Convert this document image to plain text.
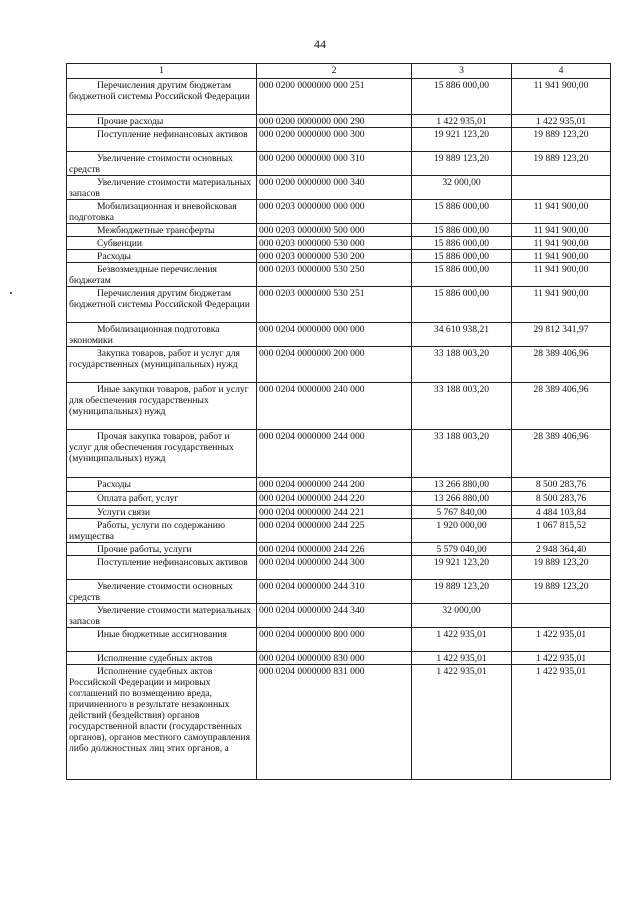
44
1	2	3	4
Перечисления другим бюджетам бюджетной системы Российской Федерации	000 0200 0000000 000 251	15 886 000,00	11 941 900,00
Прочие расходы	000 0200 0000000 000 290	1 422 935,01	1 422 935,01
Поступление нефинансовых активов	000 0200 0000000 000 300	19 921 123,20	19 889 123,20
Увеличение стоимости основных средств	000 0200 0000000 000 310	19 889 123,20	19 889 123,20
Увеличение стоимости материальных запасов	000 0200 0000000 000 340	32 000,00	
Мобилизационная и вневойсковая подготовка	000 0203 0000000 000 000	15 886 000,00	11 941 900,00
Межбюджетные трансферты	000 0203 0000000 500 000	15 886 000,00	11 941 900,00
Субвенции	000 0203 0000000 530 000	15 886 000,00	11 941 900,00
Расходы	000 0203 0000000 530 200	15 886 000,00	11 941 900,00
Безвозмездные перечисления бюджетам	000 0203 0000000 530 250	15 886 000,00	11 941 900,00
Перечисления другим бюджетам бюджетной системы Российской Федерации	000 0203 0000000 530 251	15 886 000,00	11 941 900,00
Мобилизационная подготовка экономики	000 0204 0000000 000 000	34 610 938,21	29 812 341,97
Закупка товаров, работ и услуг для государственных (муниципальных) нужд	000 0204 0000000 200 000	33 188 003,20	28 389 406,96
Иные закупки товаров, работ и услуг для обеспечения государственных (муниципальных) нужд	000 0204 0000000 240 000	33 188 003,20	28 389 406,96
Прочая закупка товаров, работ и услуг для обеспечения государственных (муниципальных) нужд	000 0204 0000000 244 000	33 188 003,20	28 389 406,96
Расходы	000 0204 0000000 244 200	13 266 880,00	8 500 283,76
Оплата работ, услуг	000 0204 0000000 244 220	13 266 880,00	8 500 283,76
Услуги связи	000 0204 0000000 244 221	5 767 840,00	4 484 103,84
Работы, услуги по содержанию имущества	000 0204 0000000 244 225	1 920 000,00	1 067 815,52
Прочие работы, услуги	000 0204 0000000 244 226	5 579 040,00	2 948 364,40
Поступление нефинансовых активов	000 0204 0000000 244 300	19 921 123,20	19 889 123,20
Увеличение стоимости основных средств	000 0204 0000000 244 310	19 889 123,20	19 889 123,20
Увеличение стоимости материальных запасов	000 0204 0000000 244 340	32 000,00	
Иные бюджетные ассигнования	000 0204 0000000 800 000	1 422 935,01	1 422 935,01
Исполнение судебных актов	000 0204 0000000 830 000	1 422 935,01	1 422 935,01
Исполнение судебных актов Российской Федерации и мировых соглашений по возмещению вреда, причиненного в результате незаконных действий (бездействия) органов государственной власти (государственных органов), органов местного самоуправления либо должностных лиц этих органов, а	000 0204 0000000 831 000	1 422 935,01	1 422 935,01
